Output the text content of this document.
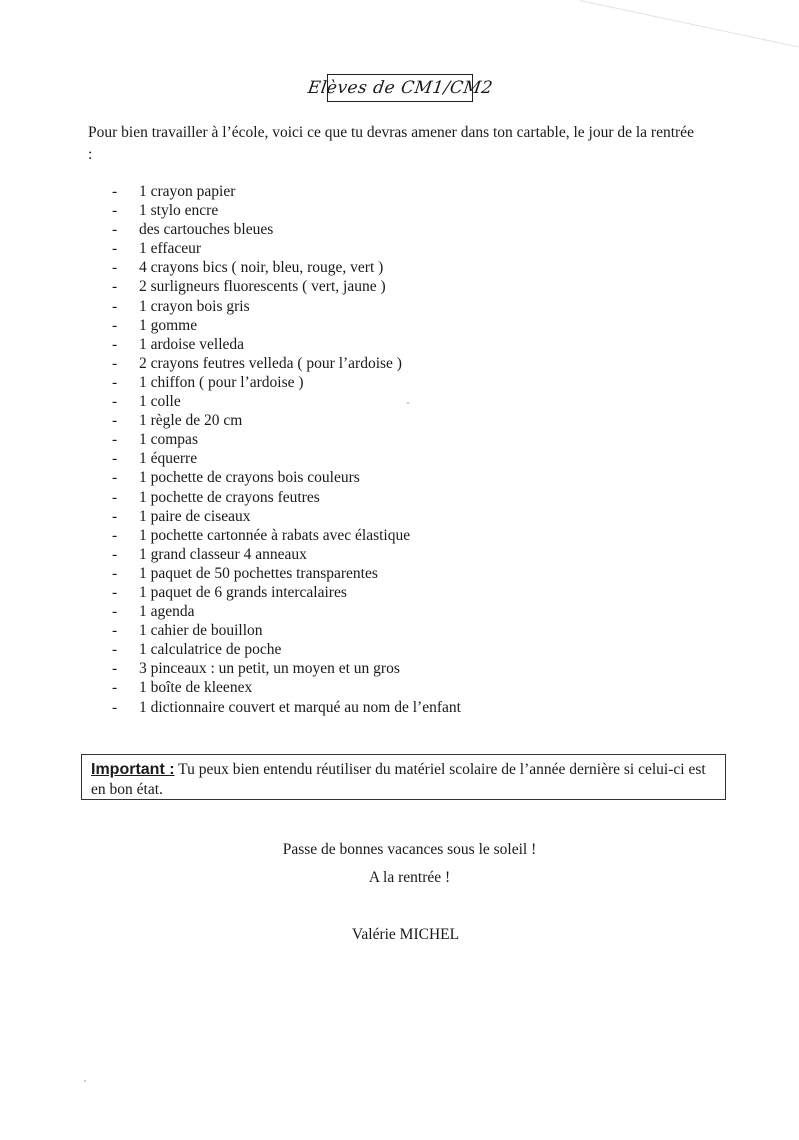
Elèves de CM1/CM2
Pour bien travailler à l’école, voici ce que tu devras amener dans ton cartable, le jour de la rentrée :
- 1 crayon papier
- 1 stylo encre
- des cartouches bleues
- 1 effaceur
- 4 crayons bics ( noir, bleu, rouge, vert )
- 2 surligneurs fluorescents ( vert, jaune )
- 1 crayon bois gris
- 1 gomme
- 1 ardoise velleda
- 2 crayons feutres velleda ( pour l’ardoise )
- 1 chiffon ( pour l’ardoise )
- 1 colle
- 1 règle de 20 cm
- 1 compas
- 1 équerre
- 1 pochette de crayons bois couleurs
- 1 pochette de crayons feutres
- 1 paire de ciseaux
- 1 pochette cartonnée à rabats avec élastique
- 1 grand classeur 4 anneaux
- 1 paquet de 50 pochettes transparentes
- 1 paquet de 6 grands intercalaires
- 1 agenda
- 1 cahier de bouillon
- 1 calculatrice de poche
- 3 pinceaux : un petit, un moyen et un gros
- 1 boîte de kleenex
- 1 dictionnaire couvert et marqué au nom de l’enfant
Important : Tu peux bien entendu réutiliser du matériel scolaire de l’année dernière si celui-ci est en bon état.
Passe de bonnes vacances sous le soleil !
A la rentrée !
Valérie MICHEL
